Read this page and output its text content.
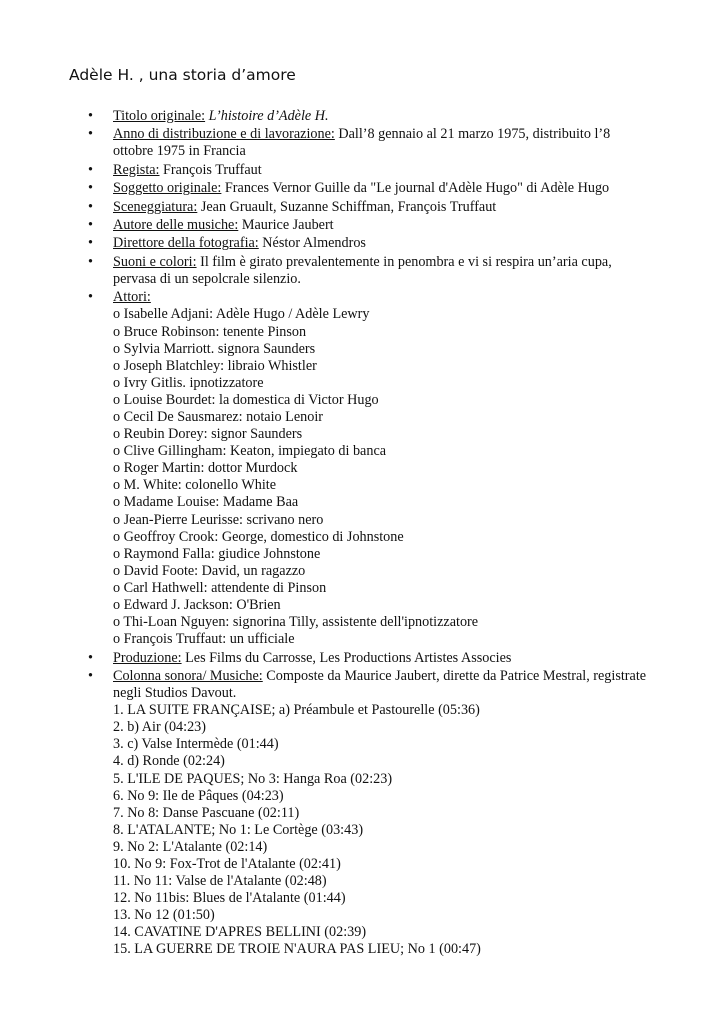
Adèle H. , una storia d’amore
•	Titolo originale: L’histoire d’Adèle H.
•	Anno di distribuzione e di lavorazione: Dall’8 gennaio al 21 marzo 1975, distribuito l’8 ottobre 1975 in Francia
•	Regista: François Truffaut
•	Soggetto originale: Frances Vernor Guille da "Le journal d'Adèle Hugo" di Adèle Hugo
•	Sceneggiatura: Jean Gruault, Suzanne Schiffman, François Truffaut
•	Autore delle musiche: Maurice Jaubert
•	Direttore della fotografia: Néstor Almendros
•	Suoni e colori: Il film è girato prevalentemente in penombra e vi si respira un’aria cupa, pervasa di un sepolcrale silenzio.
•	Attori:
o Isabelle Adjani: Adèle Hugo / Adèle Lewry
o Bruce Robinson: tenente Pinson
o Sylvia Marriott. signora Saunders
o Joseph Blatchley: libraio Whistler
o Ivry Gitlis. ipnotizzatore
o Louise Bourdet: la domestica di Victor Hugo
o Cecil De Sausmarez: notaio Lenoir
o Reubin Dorey: signor Saunders
o Clive Gillingham: Keaton, impiegato di banca
o Roger Martin: dottor Murdock
o M. White: colonello White
o Madame Louise: Madame Baa
o Jean-Pierre Leurisse: scrivano nero
o Geoffroy Crook: George, domestico di Johnstone
o Raymond Falla: giudice Johnstone
o David Foote: David, un ragazzo
o Carl Hathwell: attendente di Pinson
o Edward J. Jackson: O'Brien
o Thi-Loan Nguyen: signorina Tilly, assistente dell'ipnotizzatore
o François Truffaut: un ufficiale
•	Produzione: Les Films du Carrosse, Les Productions Artistes Associes
•	Colonna sonora/ Musiche: Composte da Maurice Jaubert, dirette da Patrice Mestral, registrate negli Studios Davout.
1. LA SUITE FRANÇAISE; a) Préambule et Pastourelle (05:36)
2. b) Air (04:23)
3. c) Valse Intermède (01:44)
4. d) Ronde (02:24)
5. L'ILE DE PAQUES; No 3: Hanga Roa (02:23)
6. No 9: Ile de Pâques (04:23)
7. No 8: Danse Pascuane (02:11)
8. L'ATALANTE; No 1: Le Cortège (03:43)
9. No 2: L'Atalante (02:14)
10. No 9: Fox-Trot de l'Atalante (02:41)
11. No 11: Valse de l'Atalante (02:48)
12. No 11bis: Blues de l'Atalante (01:44)
13. No 12 (01:50)
14. CAVATINE D'APRES BELLINI (02:39)
15. LA GUERRE DE TROIE N'AURA PAS LIEU; No 1 (00:47)
